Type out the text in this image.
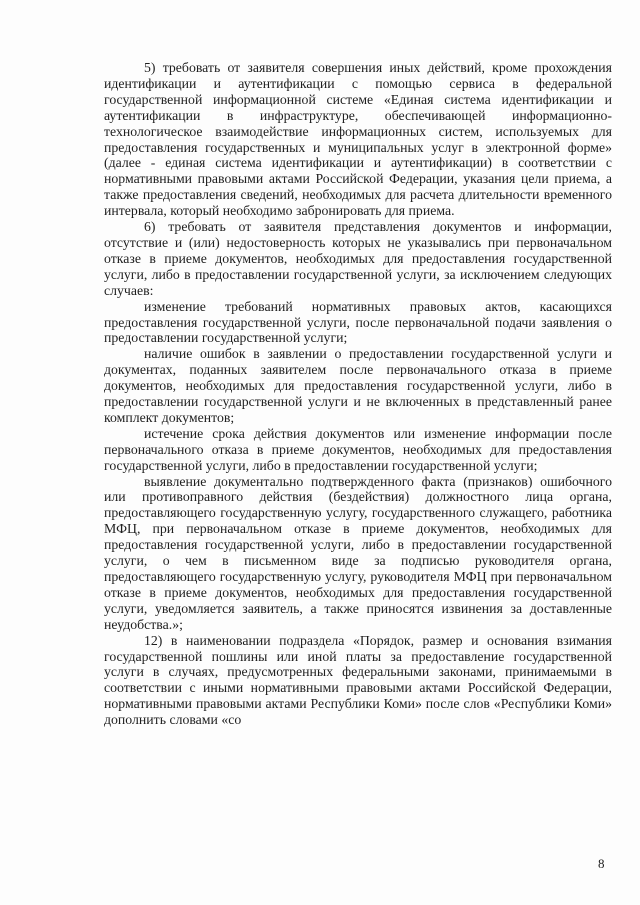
5) требовать от заявителя совершения иных действий, кроме прохождения идентификации и аутентификации с помощью сервиса в федеральной государственной информационной системе «Единая система идентификации и аутентификации в инфраструктуре, обеспечивающей информационно-технологическое взаимодействие информационных систем, используемых для предоставления государственных и муниципальных услуг в электронной форме» (далее - единая система идентификации и аутентификации) в соответствии с нормативными правовыми актами Российской Федерации, указания цели приема, а также предоставления сведений, необходимых для расчета длительности временного интервала, который необходимо забронировать для приема.

6) требовать от заявителя представления документов и информации, отсутствие и (или) недостоверность которых не указывались при первоначальном отказе в приеме документов, необходимых для предоставления государственной услуги, либо в предоставлении государственной услуги, за исключением следующих случаев:

изменение требований нормативных правовых актов, касающихся предоставления государственной услуги, после первоначальной подачи заявления о предоставлении государственной услуги;

наличие ошибок в заявлении о предоставлении государственной услуги и документах, поданных заявителем после первоначального отказа в приеме документов, необходимых для предоставления государственной услуги, либо в предоставлении государственной услуги и не включенных в представленный ранее комплект документов;

истечение срока действия документов или изменение информации после первоначального отказа в приеме документов, необходимых для предоставления государственной услуги, либо в предоставлении государственной услуги;

выявление документально подтвержденного факта (признаков) ошибочного или противоправного действия (бездействия) должностного лица органа, предоставляющего государственную услугу, государственного служащего, работника МФЦ, при первоначальном отказе в приеме документов, необходимых для предоставления государственной услуги, либо в предоставлении государственной услуги, о чем в письменном виде за подписью руководителя органа, предоставляющего государственную услугу, руководителя МФЦ при первоначальном отказе в приеме документов, необходимых для предоставления государственной услуги, уведомляется заявитель, а также приносятся извинения за доставленные неудобства.»;

12) в наименовании подраздела «Порядок, размер и основания взимания государственной пошлины или иной платы за предоставление государственной услуги в случаях, предусмотренных федеральными законами, принимаемыми в соответствии с иными нормативными правовыми актами Российской Федерации, нормативными правовыми актами Республики Коми» после слов «Республики Коми» дополнить словами «со

8
